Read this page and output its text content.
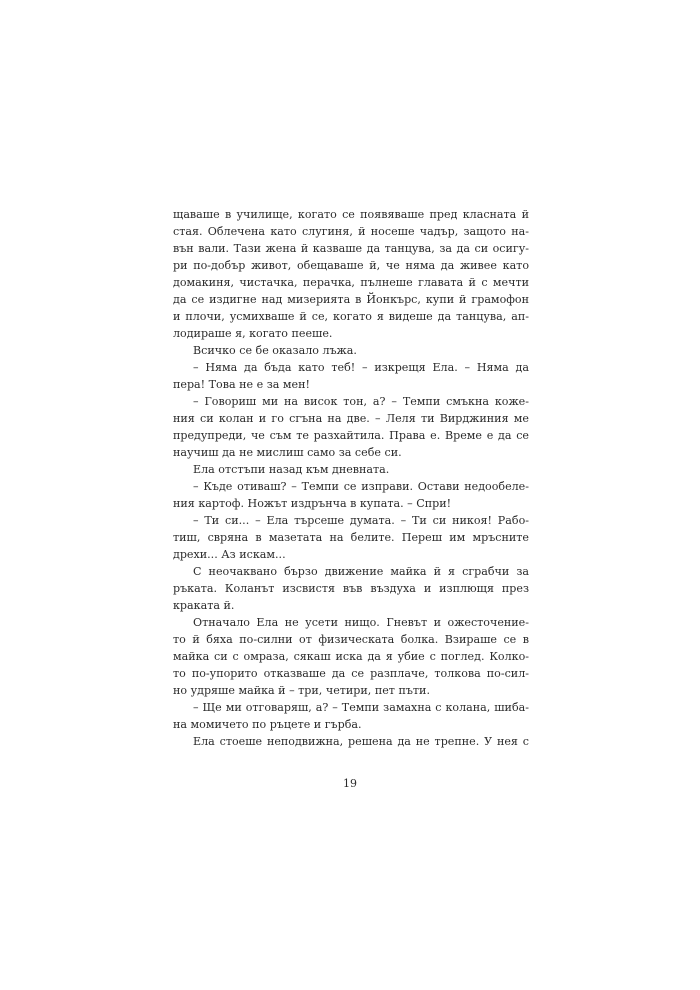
щаваше в училище, когато се появяваше пред класната й
стая. Облечена като слугиня, й носеше чадър, защото на-
вън вали. Тази жена й казваше да танцува, за да си осигу-
ри по-добър живот, обещаваше й, че няма да живее като
домакиня, чистачка, перачка, пълнеше главата й с мечти
да се издигне над мизерията в Йонкърс, купи й грамофон
и плочи, усмихваше й се, когато я видеше да танцува, ап-
лодираше я, когато пееше.
Всичко се бе оказало лъжа.
– Няма да бъда като теб! – изкрещя Ела. – Няма да
пера! Това не е за мен!
– Говориш ми на висок тон, а? – Темпи смъкна коже-
ния си колан и го сгъна на две. – Леля ти Вирджиния ме
предупреди, че съм те разхайтила. Права е. Време е да се
научиш да не мислиш само за себе си.
Ела отстъпи назад към дневната.
– Къде отиваш? – Темпи се изправи. Остави недообеле-
ния картоф. Ножът издрънча в купата. – Спри!
– Ти си... – Ела търсеше думата. – Ти си никоя! Рабо-
тиш, свряна в мазетата на белите. Переш им мръсните
дрехи... Аз искам...
С неочаквано бързо движение майка й я сграбчи за
ръката. Коланът изсвистя във въздуха и изплющя през
краката й.
Отначало Ела не усети нищо. Гневът и ожесточение-
то й бяха по-силни от физическата болка. Взираше се в
майка си с омраза, сякаш иска да я убие с поглед. Колко-
то по-упорито отказваше да се разплаче, толкова по-сил-
но удряше майка й – три, четири, пет пъти.
– Ще ми отговаряш, а? – Темпи замахна с колана, шиба-
на момичето по ръцете и гърба.
Ела стоеше неподвижна, решена да не трепне. У нея с
19
